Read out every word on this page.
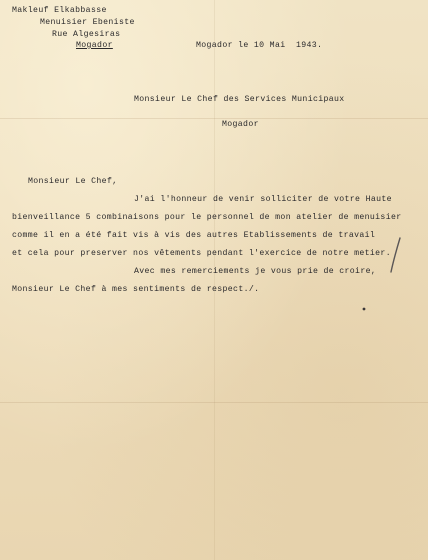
Makleuf Elkabbasse
Menuisier Ebeniste
Rue Algesiras
Mogador	Mogador le 10 Mai  1943.
Monsieur Le Chef des Services Municipaux
Mogador
Monsieur Le Chef,
J'ai l'honneur de venir solliciter de votre Haute
bienveillance 5 combinaisons pour le personnel de mon atelier de menuisier
comme il en a été fait vis à vis des autres Etablissements de travail
et cela pour preserver nos vêtements pendant l'exercice de notre metier.
Avec mes remerciements je vous prie de croire,
Monsieur Le Chef à mes sentiments de respect./.
